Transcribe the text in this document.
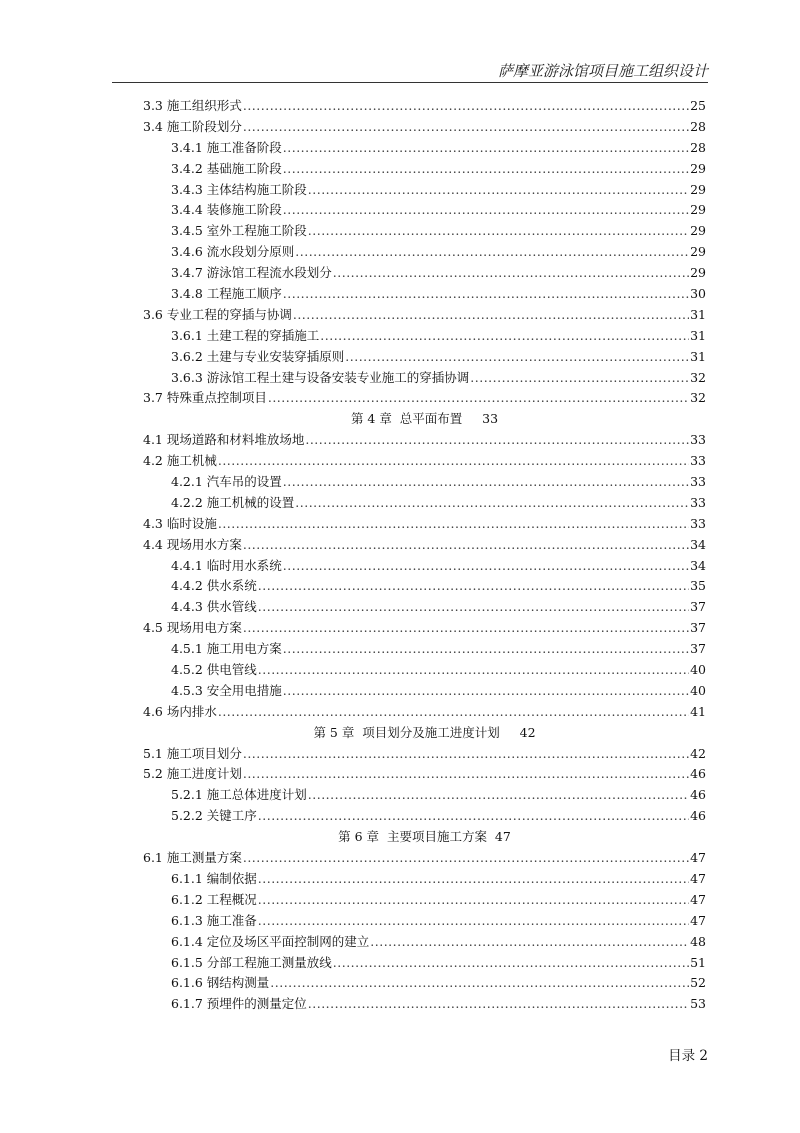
萨摩亚游泳馆项目施工组织设计
3.3 施工组织形式 .....	25
3.4 施工阶段划分 .....	28
3.4.1 施工准备阶段 .....	28
3.4.2 基础施工阶段 .....	29
3.4.3 主体结构施工阶段 .....	29
3.4.4 装修施工阶段 .....	29
3.4.5 室外工程施工阶段 .....	29
3.4.6 流水段划分原则 .....	29
3.4.7 游泳馆工程流水段划分 .....	29
3.4.8 工程施工顺序 .....	30
3.6 专业工程的穿插与协调 .....	31
3.6.1 土建工程的穿插施工 .....	31
3.6.2 土建与专业安装穿插原则 .....	31
3.6.3 游泳馆工程土建与设备安装专业施工的穿插协调 .....	32
3.7 特殊重点控制项目 .....	32
第 4 章  总平面布置     33
4.1 现场道路和材料堆放场地 .....	33
4.2 施工机械 .....	33
4.2.1 汽车吊的设置 .....	33
4.2.2 施工机械的设置 .....	33
4.3 临时设施 .....	33
4.4 现场用水方案 .....	34
4.4.1 临时用水系统 .....	34
4.4.2 供水系统 .....	35
4.4.3 供水管线 .....	37
4.5 现场用电方案 .....	37
4.5.1 施工用电方案 .....	37
4.5.2 供电管线 .....	40
4.5.3 安全用电措施 .....	40
4.6 场内排水 .....	41
第 5 章  项目划分及施工进度计划     42
5.1 施工项目划分 .....	42
5.2 施工进度计划 .....	46
5.2.1 施工总体进度计划 .....	46
5.2.2 关键工序 .....	46
第 6 章  主要项目施工方案  47
6.1 施工测量方案 .....	47
6.1.1 编制依据 .....	47
6.1.2 工程概况 .....	47
6.1.3 施工准备 .....	47
6.1.4 定位及场区平面控制网的建立 .....	48
6.1.5 分部工程施工测量放线 .....	51
6.1.6 钢结构测量 .....	52
6.1.7 预埋件的测量定位 .....	53
目录 2
